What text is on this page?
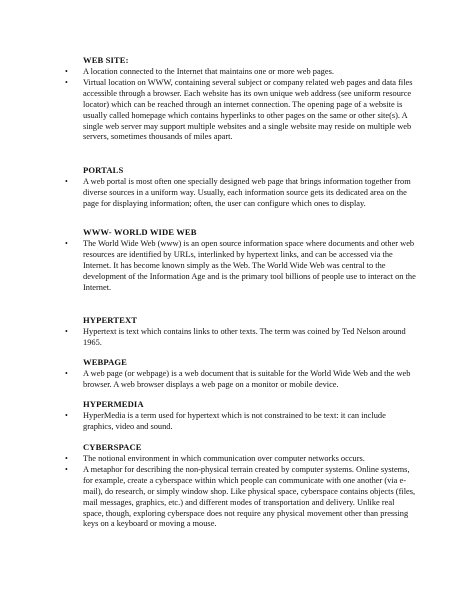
WEB SITE:
•	A location connected to the Internet that maintains one or more web pages.
•	Virtual location on WWW, containing several subject or company related web pages and data files accessible through a browser. Each website has its own unique web address (see uniform resource locator) which can be reached through an internet connection. The opening page of a website is usually called homepage which contains hyperlinks to other pages on the same or other site(s). A single web server may support multiple websites and a single website may reside on multiple web servers, sometimes thousands of miles apart.
PORTALS
•	A web portal is most often one specially designed web page that brings information together from diverse sources in a uniform way. Usually, each information source gets its dedicated area on the page for displaying information; often, the user can configure which ones to display.
WWW- WORLD WIDE WEB
•	The World Wide Web (www) is an open source information space where documents and other web resources are identified by URLs, interlinked by hypertext links, and can be accessed via the Internet. It has become known simply as the Web. The World Wide Web was central to the development of the Information Age and is the primary tool billions of people use to interact on the Internet.
HYPERTEXT
•	Hypertext is text which contains links to other texts. The term was coined by Ted Nelson around 1965.
WEBPAGE
•	A web page (or webpage) is a web document that is suitable for the World Wide Web and the web browser. A web browser displays a web page on a monitor or mobile device.
HYPERMEDIA
•	HyperMedia is a term used for hypertext which is not constrained to be text: it can include graphics, video and sound.
CYBERSPACE
•	The notional environment in which communication over computer networks occurs.
•	A metaphor for describing the non-physical terrain created by computer systems. Online systems, for example, create a cyberspace within which people can communicate with one another (via e-mail), do research, or simply window shop. Like physical space, cyberspace contains objects (files, mail messages, graphics, etc.) and different modes of transportation and delivery. Unlike real space, though, exploring cyberspace does not require any physical movement other than pressing keys on a keyboard or moving a mouse.
